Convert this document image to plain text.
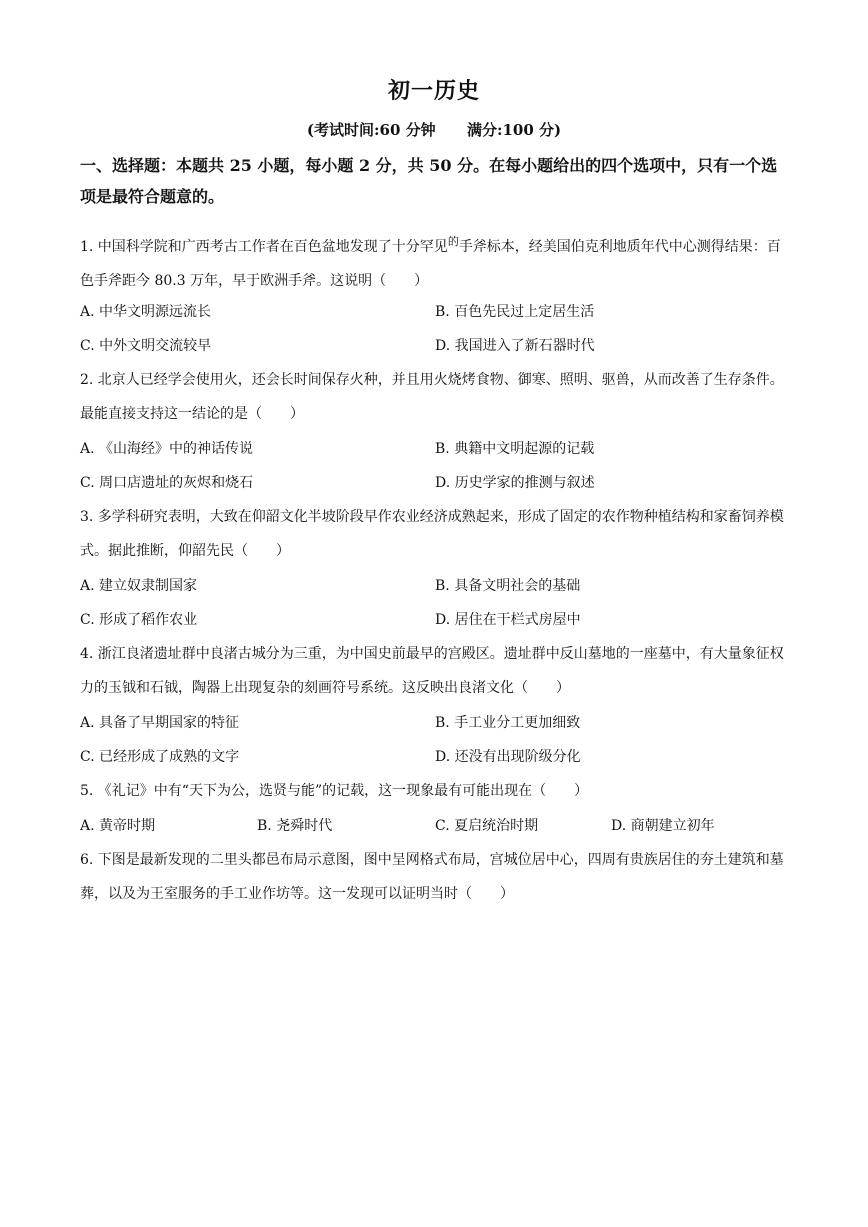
初一历史
(考试时间:60 分钟      满分:100 分)
一、选择题：本题共 25 小题，每小题 2 分，共 50 分。在每小题给出的四个选项中，只有一个选项是最符合题意的。
1. 中国科学院和广西考古工作者在百色盆地发现了十分罕见$^的$手斧标本，经美国伯克利地质年代中心测得结果：百色手斧距今 80.3 万年，早于欧洲手斧。这说明（　　）
A. 中华文明源远流长	B. 百色先民过上定居生活
C. 中外文明交流较早	D. 我国进入了新石器时代
2. 北京人已经学会使用火，还会长时间保存火种，并且用火烧烤食物、御寒、照明、驱兽，从而改善了生存条件。最能直接支持这一结论的是（　　）
A. 《山海经》中的神话传说	B. 典籍中文明起源的记载
C. 周口店遗址的灰烬和烧石	D. 历史学家的推测与叙述
3. 多学科研究表明，大致在仰韶文化半坡阶段早作农业经济成熟起来，形成了固定的农作物种植结构和家畜饲养模式。据此推断，仰韶先民（　　）
A. 建立奴隶制国家	B. 具备文明社会的基础
C. 形成了稻作农业	D. 居住在干栏式房屋中
4. 浙江良渚遗址群中良渚古城分为三重，为中国史前最早的宫殿区。遗址群中反山墓地的一座墓中，有大量象征权力的玉钺和石钺，陶器上出现复杂的刻画符号系统。这反映出良渚文化（　　）
A. 具备了早期国家的特征	B. 手工业分工更加细致
C. 已经形成了成熟的文字	D. 还没有出现阶级分化
5. 《礼记》中有“天下为公，选贤与能”的记载，这一现象最有可能出现在（　　）
A. 黄帝时期	B. 尧舜时代	C. 夏启统治时期	D. 商朝建立初年
6. 下图是最新发现的二里头都邑布局示意图，图中呈网格式布局，宫城位居中心，四周有贵族居住的夯土建筑和墓葬，以及为王室服务的手工业作坊等。这一发现可以证明当时（　　）
